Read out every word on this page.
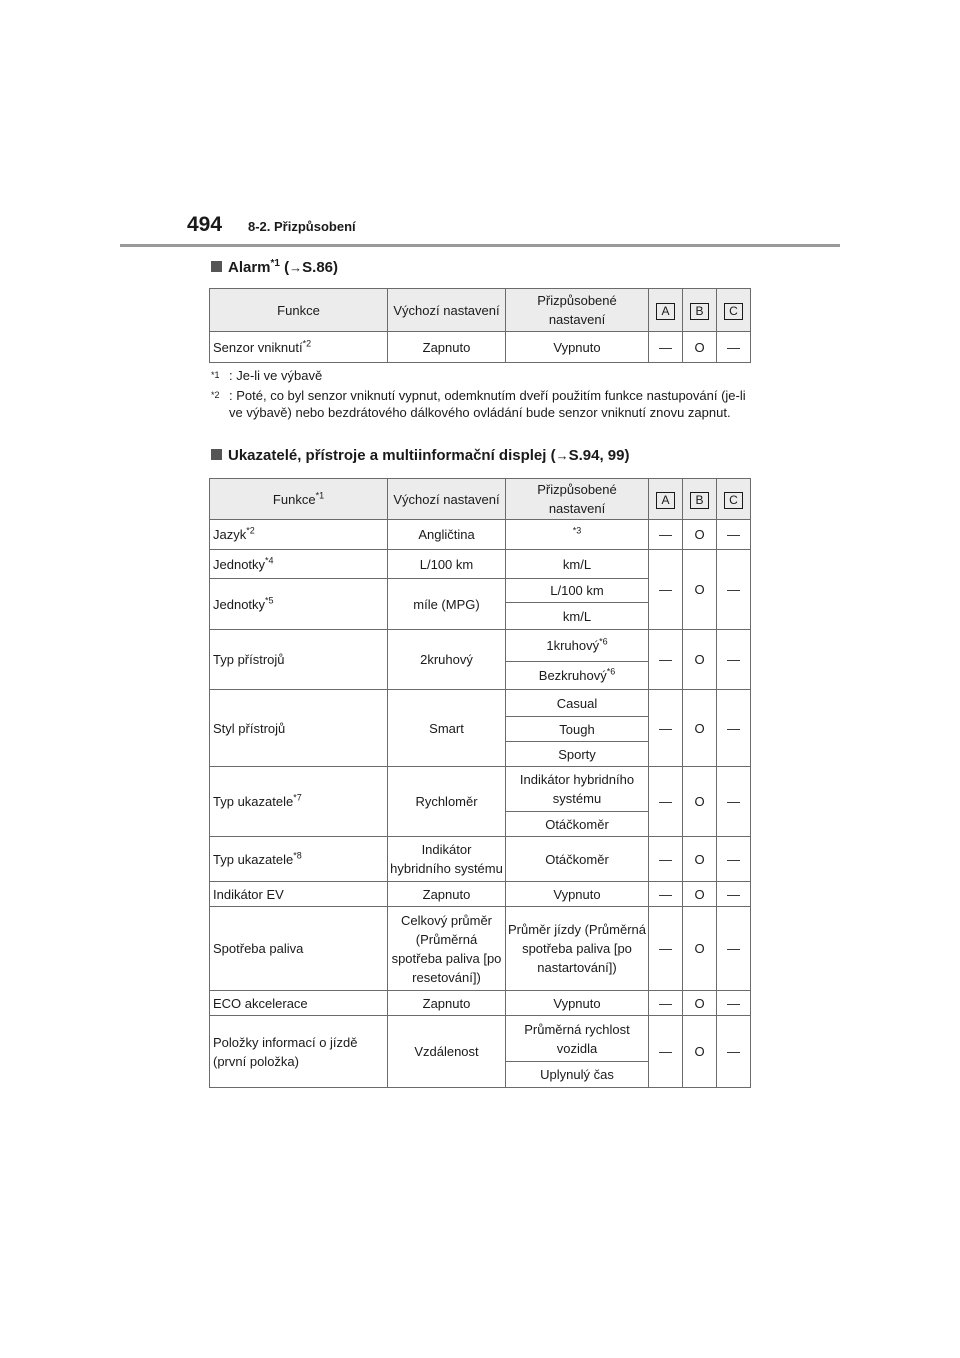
494 8-2. Přizpůsobení
Alarm$^{*1}$ (→S.86)
Funkce	Výchozí nastavení	Přizpůsobené nastavení	A	B	C
Senzor vniknutí$^{*2}$	Zapnuto	Vypnuto	—	O	—
$^{*1}$ : Je-li ve výbavě
$^{*2}$ : Poté, co byl senzor vniknutí vypnut, odemknutím dveří použitím funkce nastupování (je-li ve výbavě) nebo bezdrátového dálkového ovládání bude senzor vniknutí znovu zapnut.
Ukazatelé, přístroje a multiinformační displej (→S.94, 99)
Funkce$^{*1}$	Výchozí nastavení	Přizpůsobené nastavení	A	B	C
Jazyk$^{*2}$	Angličtina	$^{*3}$	—	O	—
Jednotky$^{*4}$	L/100 km	km/L	—	O	—
Jednotky$^{*5}$	míle (MPG)	L/100 km			
		km/L			
Typ přístrojů	2kruhový	1kruhový$^{*6}$	—	O	—
		Bezkruhový$^{*6}$
Styl přístrojů	Smart	Casual	—	O	—
		Tough			
		Sporty			
Typ ukazatele$^{*7}$	Rychloměr	Indikátor hybridního systému	—	O	—
		Otáčkoměr			
Typ ukazatele$^{*8}$	Indikátor hybridního systému	Otáčkoměr	—	O	—
Indikátor EV	Zapnuto	Vypnuto	—	O	—
Spotřeba paliva	Celkový průměr (Průměrná spotřeba paliva [po resetování])	Průměr jízdy (Průměrná spotřeba paliva [po nastartování])	—	O	—
ECO akcelerace	Zapnuto	Vypnuto	—	O	—
Položky informací o jízdě (první položka)	Vzdálenost	Průměrná rychlost vozidla	—	O	—
		Uplynulý čas			
